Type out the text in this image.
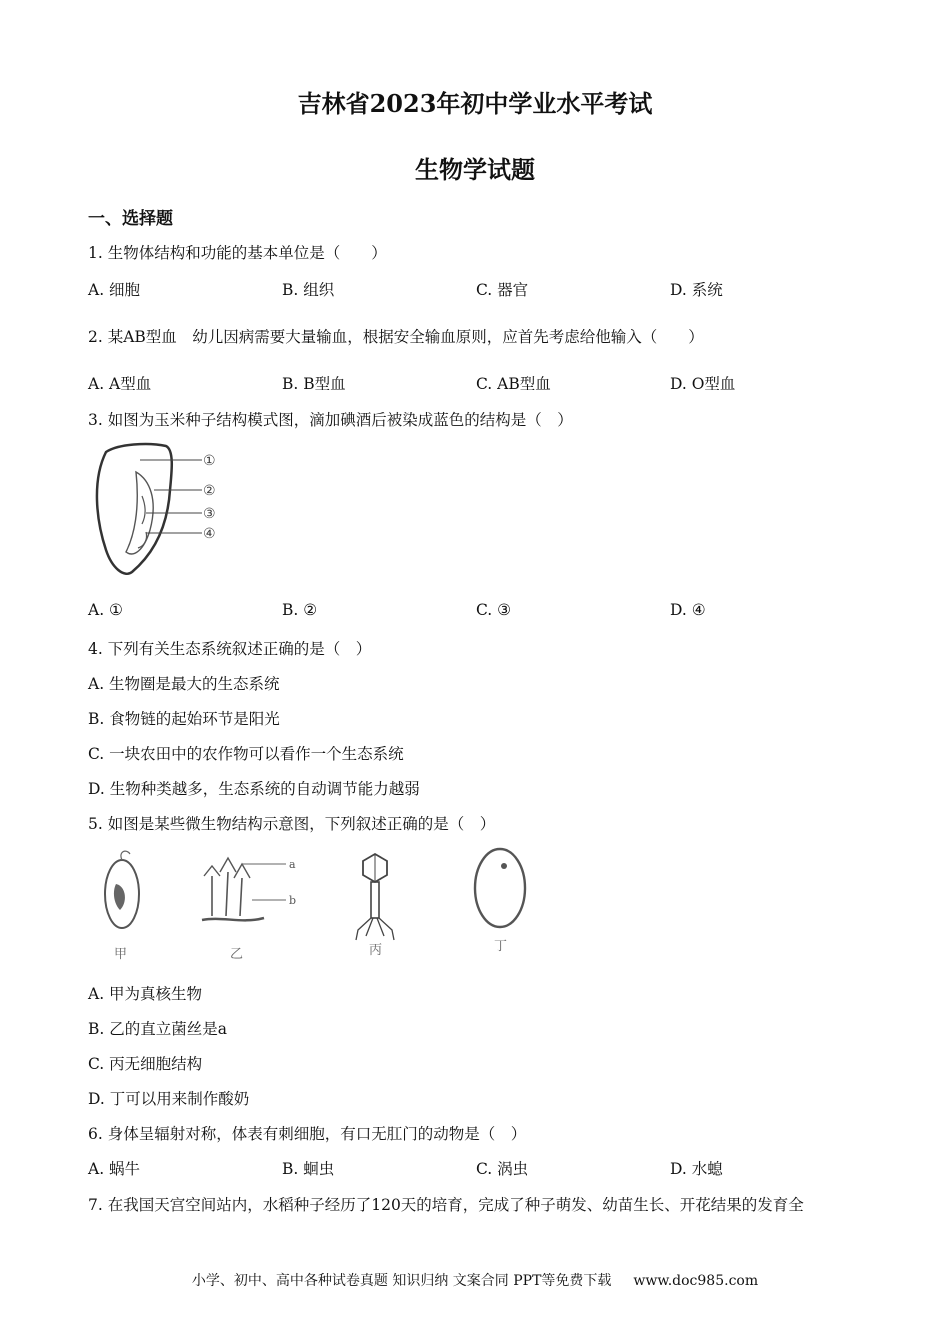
吉林省2023年初中学业水平考试
生物学试题
一、选择题
1. 生物体结构和功能的基本单位是（　　）
A. 细胞	B. 组织	C. 器官	D. 系统
2. 某AB型血　幼儿因病需要大量输血，根据安全输血原则，应首先考虑给他输入（　　）
A. A型血	B. B型血	C. AB型血	D. O型血
3. 如图为玉米种子结构模式图，滴加碘酒后被染成蓝色的结构是（　）
①
②
③
④
A. ①	B. ②	C. ③	D. ④
4. 下列有关生态系统叙述正确的是（　）
A. 生物圈是最大的生态系统
B. 食物链的起始环节是阳光
C. 一块农田中的农作物可以看作一个生态系统
D. 生物种类越多，生态系统的自动调节能力越弱
5. 如图是某些微生物结构示意图，下列叙述正确的是（　）
甲
a
b
乙	丙	丁
A. 甲为真核生物
B. 乙的直立菌丝是a
C. 丙无细胞结构
D. 丁可以用来制作酸奶
6. 身体呈辐射对称，体表有刺细胞，有口无肛门的动物是（　）
A. 蜗牛	B. 蛔虫	C. 涡虫	D. 水螅
7. 在我国天宫空间站内，水稻种子经历了120天的培育，完成了种子萌发、幼苗生长、开花结果的发育全
小学、初中、高中各种试卷真题 知识归纳 文案合同 PPT等免费下载 www.doc985.com
